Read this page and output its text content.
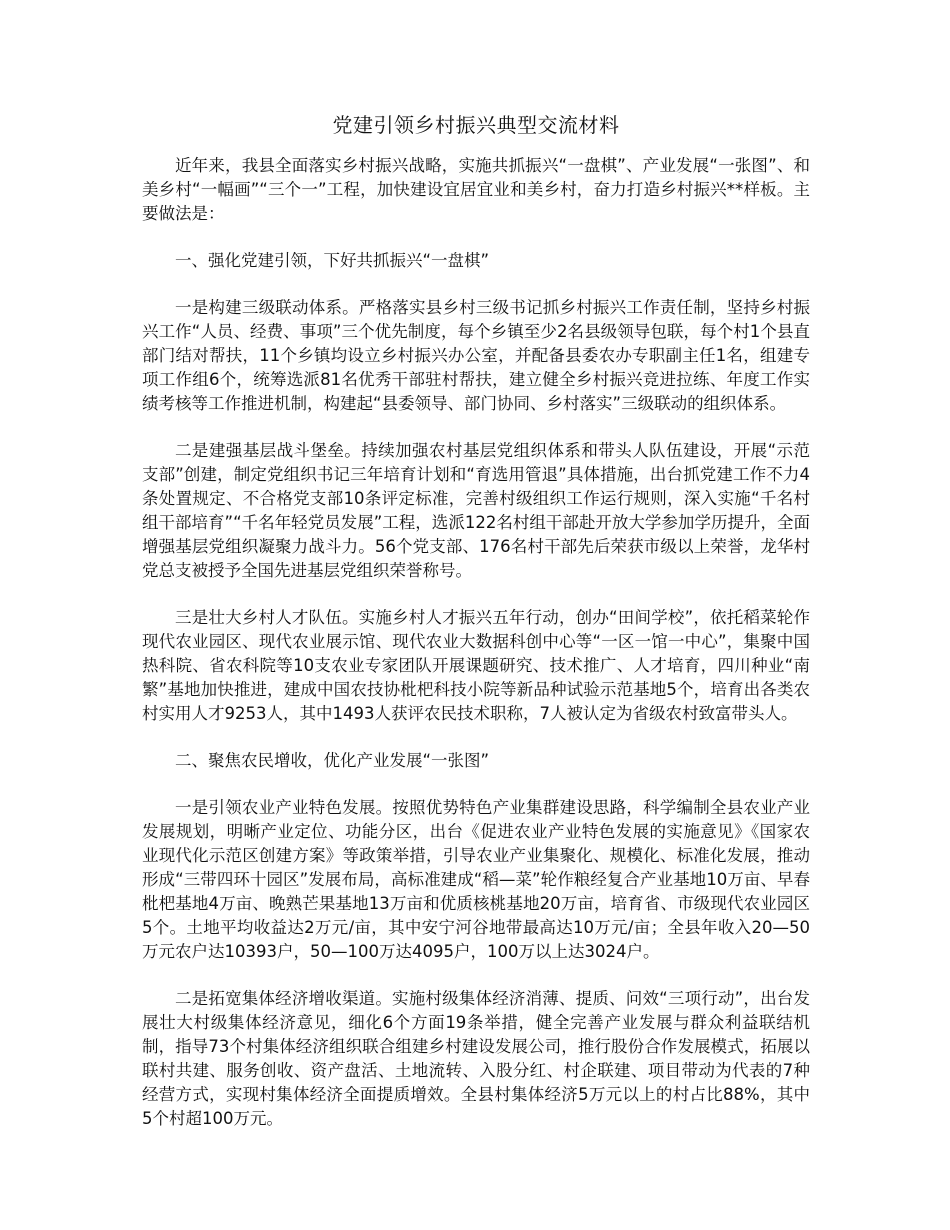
党建引领乡村振兴典型交流材料

近年来，我县全面落实乡村振兴战略，实施共抓振兴“一盘棋”、产业发展“一张图”、和美乡村“一幅画”“三个一”工程，加快建设宜居宜业和美乡村，奋力打造乡村振兴**样板。主要做法是：

一、强化党建引领，下好共抓振兴“一盘棋”

一是构建三级联动体系。严格落实县乡村三级书记抓乡村振兴工作责任制，坚持乡村振兴工作“人员、经费、事项”三个优先制度，每个乡镇至少2名县级领导包联，每个村1个县直部门结对帮扶，11个乡镇均设立乡村振兴办公室，并配备县委农办专职副主任1名，组建专项工作组6个，统筹选派81名优秀干部驻村帮扶，建立健全乡村振兴竞进拉练、年度工作实绩考核等工作推进机制，构建起“县委领导、部门协同、乡村落实”三级联动的组织体系。

二是建强基层战斗堡垒。持续加强农村基层党组织体系和带头人队伍建设，开展“示范支部”创建，制定党组织书记三年培育计划和“育选用管退”具体措施，出台抓党建工作不力4条处置规定、不合格党支部10条评定标准，完善村级组织工作运行规则，深入实施“千名村组干部培育”“千名年轻党员发展”工程，选派122名村组干部赴开放大学参加学历提升，全面增强基层党组织凝聚力战斗力。56个党支部、176名村干部先后荣获市级以上荣誉，龙华村党总支被授予全国先进基层党组织荣誉称号。

三是壮大乡村人才队伍。实施乡村人才振兴五年行动，创办“田间学校”，依托稻菜轮作现代农业园区、现代农业展示馆、现代农业大数据科创中心等“一区一馆一中心”，集聚中国热科院、省农科院等10支农业专家团队开展课题研究、技术推广、人才培育，四川种业“南繁”基地加快推进，建成中国农技协枇杷科技小院等新品种试验示范基地5个，培育出各类农村实用人才9253人，其中1493人获评农民技术职称，7人被认定为省级农村致富带头人。

二、聚焦农民增收，优化产业发展“一张图”

一是引领农业产业特色发展。按照优势特色产业集群建设思路，科学编制全县农业产业发展规划，明晰产业定位、功能分区，出台《促进农业产业特色发展的实施意见》《国家农业现代化示范区创建方案》等政策举措，引导农业产业集聚化、规模化、标准化发展，推动形成“三带四环十园区”发展布局，高标准建成“稻—菜”轮作粮经复合产业基地10万亩、早春枇杷基地4万亩、晚熟芒果基地13万亩和优质核桃基地20万亩，培育省、市级现代农业园区5个。土地平均收益达2万元/亩，其中安宁河谷地带最高达10万元/亩；全县年收入20—50万元农户达10393户，50—100万达4095户，100万以上达3024户。

二是拓宽集体经济增收渠道。实施村级集体经济消薄、提质、问效“三项行动”，出台发展壮大村级集体经济意见，细化6个方面19条举措，健全完善产业发展与群众利益联结机制，指导73个村集体经济组织联合组建乡村建设发展公司，推行股份合作发展模式，拓展以联村共建、服务创收、资产盘活、土地流转、入股分红、村企联建、项目带动为代表的7种经营方式，实现村集体经济全面提质增效。全县村集体经济5万元以上的村占比88%，其中5个村超100万元。
